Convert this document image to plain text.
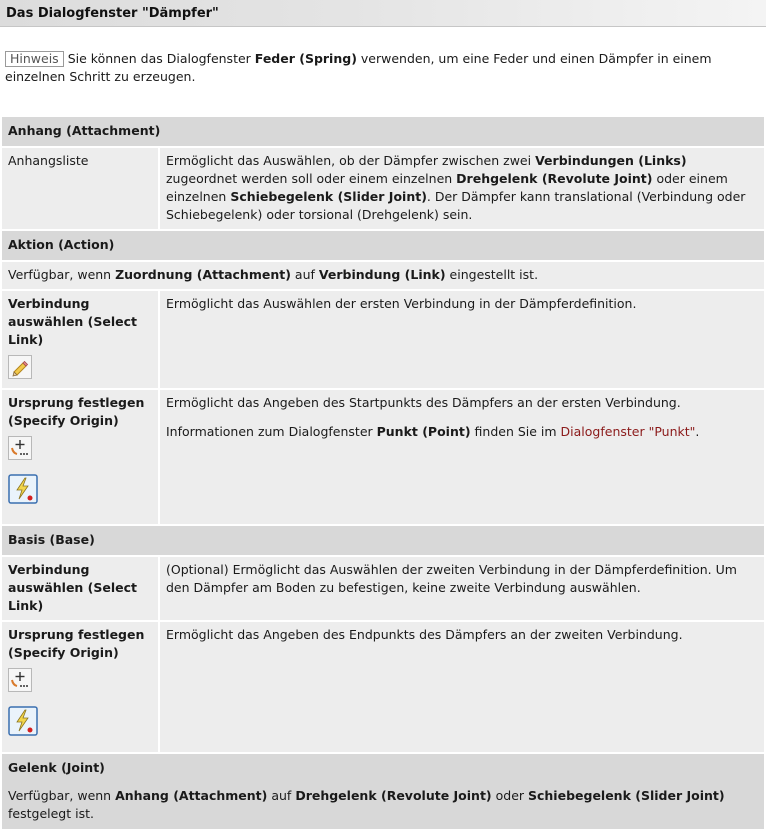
Das Dialogfenster "Dämpfer"
Hinweis Sie können das Dialogfenster Feder (Spring) verwenden, um eine Feder und einen Dämpfer in einem einzelnen Schritt zu erzeugen.
Anhang (Attachment)	
Anhangsliste	Ermöglicht das Auswählen, ob der Dämpfer zwischen zwei Verbindungen (Links) zugeordnet werden soll oder einem einzelnen Drehgelenk (Revolute Joint) oder einem einzelnen Schiebegelenk (Slider Joint). Der Dämpfer kann translational (Verbindung oder Schiebegelenk) oder torsional (Drehgelenk) sein.
Aktion (Action)	
Verfügbar, wenn Zuordnung (Attachment) auf Verbindung (Link) eingestellt ist.	
Verbindung auswählen (Select Link)	Ermöglicht das Auswählen der ersten Verbindung in der Dämpferdefinition.
Ursprung festlegen (Specify Origin)	Ermöglicht das Angeben des Startpunkts des Dämpfers an der ersten Verbindung.

Informationen zum Dialogfenster Punkt (Point) finden Sie im Dialogfenster "Punkt".

Basis (Base)	
Verbindung auswählen (Select Link)	(Optional) Ermöglicht das Auswählen der zweiten Verbindung in der Dämpferdefinition. Um den Dämpfer am Boden zu befestigen, keine zweite Verbindung auswählen.
Ursprung festlegen (Specify Origin)	Ermöglicht das Angeben des Endpunkts des Dämpfers an der zweiten Verbindung.

Gelenk (Joint)
Verfügbar, wenn Anhang (Attachment) auf Drehgelenk (Revolute Joint) oder Schiebegelenk (Slider Joint) festgelegt ist.	
